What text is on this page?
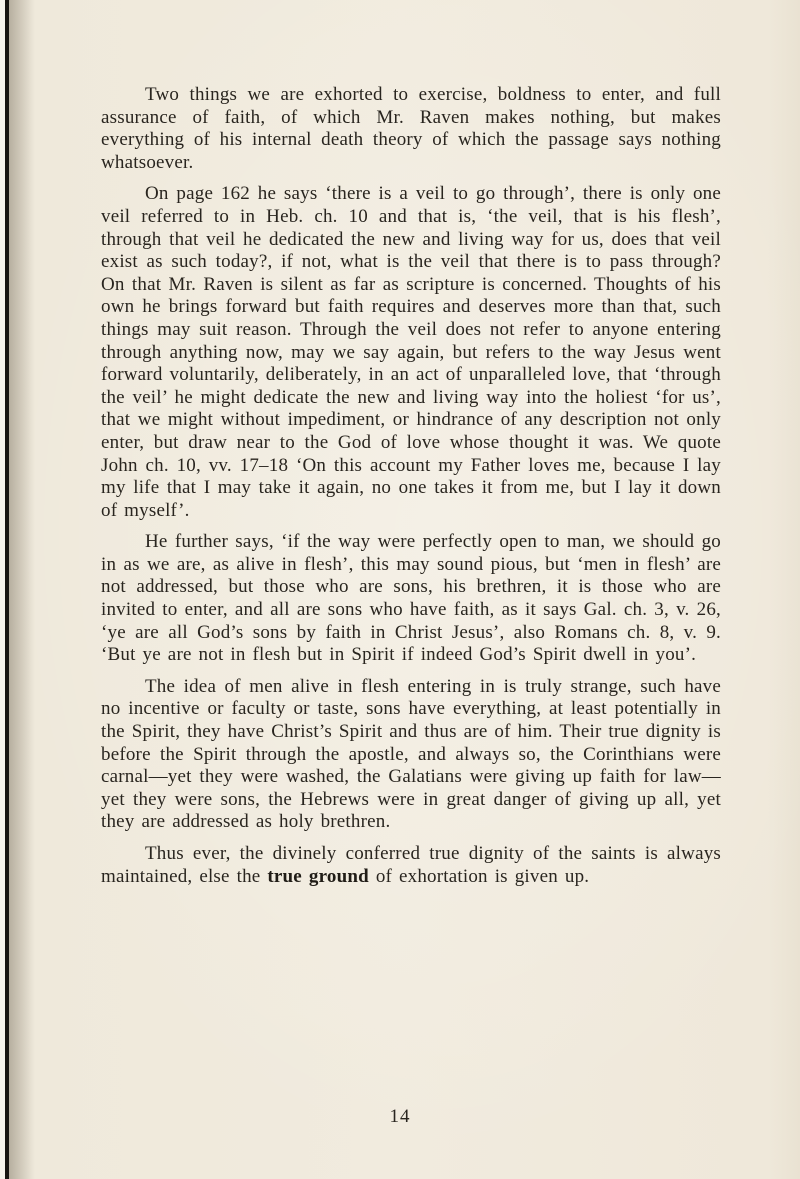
Two things we are exhorted to exercise, boldness to enter, and full assurance of faith, of which Mr. Raven makes nothing, but makes everything of his internal death theory of which the passage says nothing whatsoever.

On page 162 he says ‘there is a veil to go through’, there is only one veil referred to in Heb. ch. 10 and that is, ‘the veil, that is his flesh’, through that veil he dedicated the new and living way for us, does that veil exist as such today?, if not, what is the veil that there is to pass through? On that Mr. Raven is silent as far as scripture is concerned. Thoughts of his own he brings forward but faith requires and deserves more than that, such things may suit reason. Through the veil does not refer to anyone entering through anything now, may we say again, but refers to the way Jesus went forward voluntarily, deliberately, in an act of unparalleled love, that ‘through the veil’ he might dedicate the new and living way into the holiest ‘for us’, that we might without impediment, or hindrance of any description not only enter, but draw near to the God of love whose thought it was. We quote John ch. 10, vv. 17–18 ‘On this account my Father loves me, because I lay my life that I may take it again, no one takes it from me, but I lay it down of myself’.

He further says, ‘if the way were perfectly open to man, we should go in as we are, as alive in flesh’, this may sound pious, but ‘men in flesh’ are not addressed, but those who are sons, his brethren, it is those who are invited to enter, and all are sons who have faith, as it says Gal. ch. 3, v. 26, ‘ye are all God’s sons by faith in Christ Jesus’, also Romans ch. 8, v. 9. ‘But ye are not in flesh but in Spirit if indeed God’s Spirit dwell in you’.

The idea of men alive in flesh entering in is truly strange, such have no incentive or faculty or taste, sons have everything, at least potentially in the Spirit, they have Christ’s Spirit and thus are of him. Their true dignity is before the Spirit through the apostle, and always so, the Corinthians were carnal—yet they were washed, the Galatians were giving up faith for law—yet they were sons, the Hebrews were in great danger of giving up all, yet they are addressed as holy brethren.

Thus ever, the divinely conferred true dignity of the saints is always maintained, else the true ground of exhortation is given up.

14
